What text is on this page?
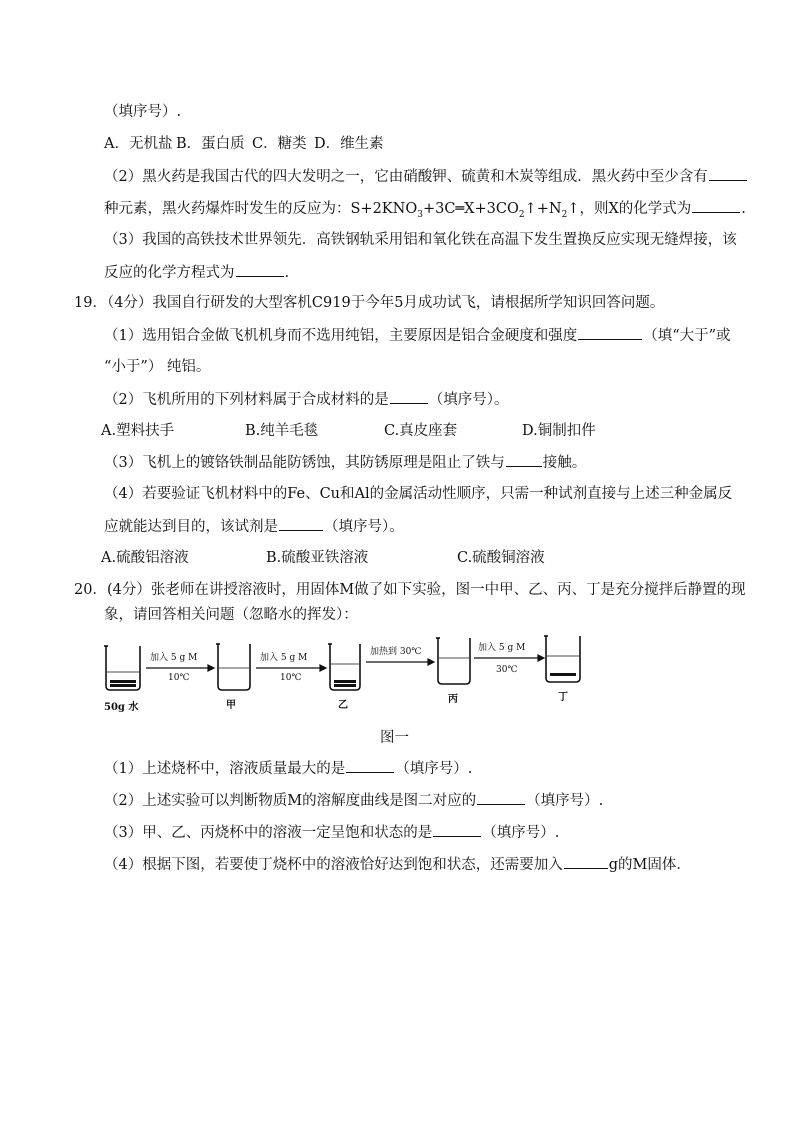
（填序号）.
A．无机盐 B．蛋白质 C．糖类 D．维生素
（2）黑火药是我国古代的四大发明之一，它由硝酸钾、硫黄和木炭等组成．黑火药中至少含有
种元素，黑火药爆炸时发生的反应为：$S+2KNO_3+3C═X+3CO_2↑+N_2↑$，则X的化学式为	.
（3）我国的高铁技术世界领先．高铁钢轨采用铝和氧化铁在高温下发生置换反应实现无缝焊接，该
反应的化学方程式为	.
19．（4分）我国自行研发的大型客机C919于今年5月成功试飞，请根据所学知识回答问题。
（1）选用铝合金做飞机机身而不选用纯铝，主要原因是铝合金硬度和强度	（填“大于”或
“小于”） 纯铝。
（2）飞机所用的下列材料属于合成材料的是	（填序号）。
A.塑料扶手	B.纯羊毛毯	C.真皮座套	D.铜制扣件
（3）飞机上的镀铬铁制品能防锈蚀，其防锈原理是阻止了铁与	接触。
（4）若要验证飞机材料中的Fe、Cu和Al的金属活动性顺序，只需一种试剂直接与上述三种金属反
应就能达到目的，该试剂是	（填序号）。
A.硫酸铝溶液	B.硫酸亚铁溶液	C.硫酸铜溶液
20．(4分）张老师在讲授溶液时，用固体M做了如下实验，图一中甲、乙、丙、丁是充分搅拌后静置的现
象，请回答相关问题（忽略水的挥发）：
加入 5 g M
10℃
加入 5 g M
10℃
加热到 30℃	加入 5 g M
30℃
50g 水	甲	乙
丙	丁
图一
（1）上述烧杯中，溶液质量最大的是	（填序号）.
（2）上述实验可以判断物质M的溶解度曲线是图二对应的	（填序号）.
（3）甲、乙、丙烧杯中的溶液一定呈饱和状态的是	（填序号）.
（4）根据下图，若要使丁烧杯中的溶液恰好达到饱和状态，还需要加入	g的M固体．
